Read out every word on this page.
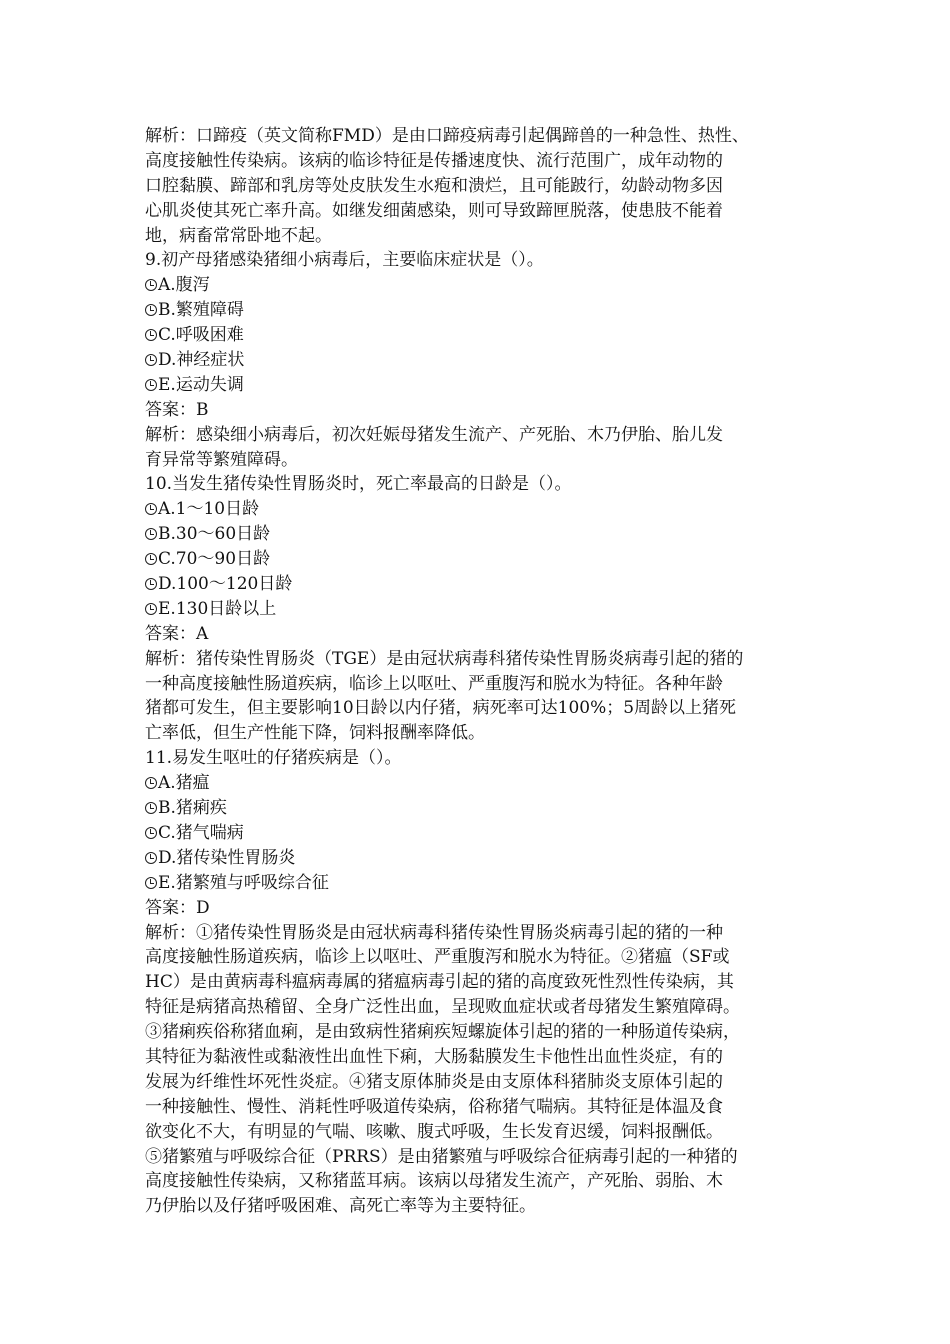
解析：口蹄疫（英文简称FMD）是由口蹄疫病毒引起偶蹄兽的一种急性、热性、
高度接触性传染病。该病的临诊特征是传播速度快、流行范围广，成年动物的
口腔黏膜、蹄部和乳房等处皮肤发生水疱和溃烂，且可能跛行，幼龄动物多因
心肌炎使其死亡率升高。如继发细菌感染，则可导致蹄匣脱落，使患肢不能着
地，病畜常常卧地不起。
9.初产母猪感染猪细小病毒后，主要临床症状是（）。
A.腹泻
B.繁殖障碍
C.呼吸困难
D.神经症状
E.运动失调
答案：B
解析：感染细小病毒后，初次妊娠母猪发生流产、产死胎、木乃伊胎、胎儿发
育异常等繁殖障碍。
10.当发生猪传染性胃肠炎时，死亡率最高的日龄是（）。
A.1～10日龄
B.30～60日龄
C.70～90日龄
D.100～120日龄
E.130日龄以上
答案：A
解析：猪传染性胃肠炎（TGE）是由冠状病毒科猪传染性胃肠炎病毒引起的猪的
一种高度接触性肠道疾病，临诊上以呕吐、严重腹泻和脱水为特征。各种年龄
猪都可发生，但主要影响10日龄以内仔猪，病死率可达100%；5周龄以上猪死
亡率低，但生产性能下降，饲料报酬率降低。
11.易发生呕吐的仔猪疾病是（）。
A.猪瘟
B.猪痢疾
C.猪气喘病
D.猪传染性胃肠炎
E.猪繁殖与呼吸综合征
答案：D
解析：①猪传染性胃肠炎是由冠状病毒科猪传染性胃肠炎病毒引起的猪的一种
高度接触性肠道疾病，临诊上以呕吐、严重腹泻和脱水为特征。②猪瘟（SF或
HC）是由黄病毒科瘟病毒属的猪瘟病毒引起的猪的高度致死性烈性传染病，其
特征是病猪高热稽留、全身广泛性出血，呈现败血症状或者母猪发生繁殖障碍。
③猪痢疾俗称猪血痢，是由致病性猪痢疾短螺旋体引起的猪的一种肠道传染病，
其特征为黏液性或黏液性出血性下痢，大肠黏膜发生卡他性出血性炎症，有的
发展为纤维性坏死性炎症。④猪支原体肺炎是由支原体科猪肺炎支原体引起的
一种接触性、慢性、消耗性呼吸道传染病，俗称猪气喘病。其特征是体温及食
欲变化不大，有明显的气喘、咳嗽、腹式呼吸，生长发育迟缓，饲料报酬低。
⑤猪繁殖与呼吸综合征（PRRS）是由猪繁殖与呼吸综合征病毒引起的一种猪的
高度接触性传染病，又称猪蓝耳病。该病以母猪发生流产，产死胎、弱胎、木
乃伊胎以及仔猪呼吸困难、高死亡率等为主要特征。
